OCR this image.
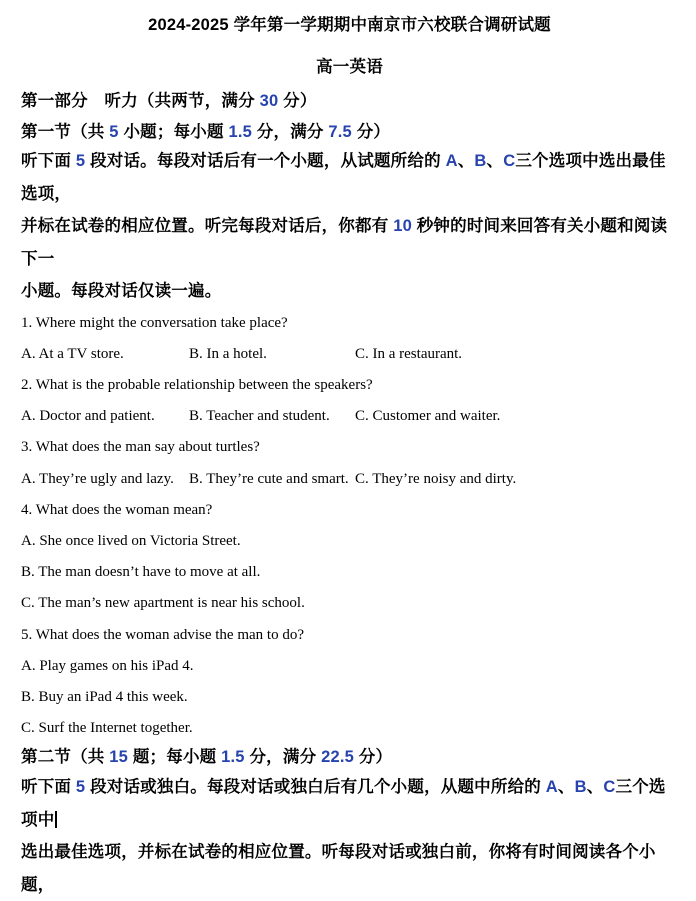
2024-2025 学年第一学期期中南京市六校联合调研试题
高一英语
第一部分　听力（共两节，满分 30 分）
第一节（共 5 小题；每小题 1.5 分，满分 7.5 分）
听下面 5 段对话。每段对话后有一个小题，从试题所给的 A、B、C三个选项中选出最佳选项，
并标在试卷的相应位置。听完每段对话后，你都有 10 秒钟的时间来回答有关小题和阅读下一
小题。每段对话仅读一遍。
1. Where might the conversation take place?
A. At a TV store.	B. In a hotel.	C. In a restaurant.
2. What is the probable relationship between the speakers?
A. Doctor and patient. B. Teacher and student. C. Customer and waiter.
3. What does the man say about turtles?
A. They’re ugly and lazy. B. They’re cute and smart. C. They’re noisy and dirty.
4. What does the woman mean?
A. She once lived on Victoria Street.
B. The man doesn’t have to move at all.
C. The man’s new apartment is near his school.
5. What does the woman advise the man to do?
A. Play games on his iPad 4.
B. Buy an iPad 4 this week.
C. Surf the Internet together.
第二节（共 15 题；每小题 1.5 分，满分 22.5 分）
听下面 5 段对话或独白。每段对话或独白后有几个小题，从题中所给的 A、B、C三个选项中
选出最佳选项，并标在试卷的相应位置。听每段对话或独白前，你将有时间阅读各个小题，
